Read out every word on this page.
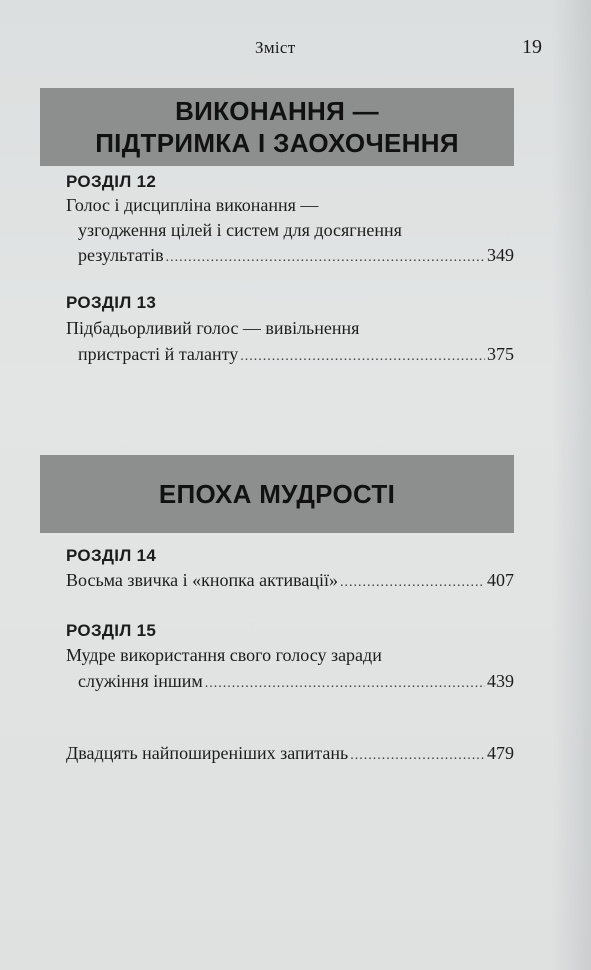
Зміст	19
ВИКОНАННЯ —
ПІДТРИМКА І ЗАОХОЧЕННЯ
РОЗДІЛ 12
Голос і дисципліна виконання —
узгодження цілей і систем для досягнення
результатів .....	349
РОЗДІЛ 13
Підбадьорливий голос — вивільнення
пристрасті й таланту .....	375
ЕПОХА МУДРОСТІ
РОЗДІЛ 14
Восьма звичка і «кнопка активації» .....	407
РОЗДІЛ 15
Мудре використання свого голосу заради
служіння іншим .....	439
Двадцять найпоширеніших запитань .....	479
